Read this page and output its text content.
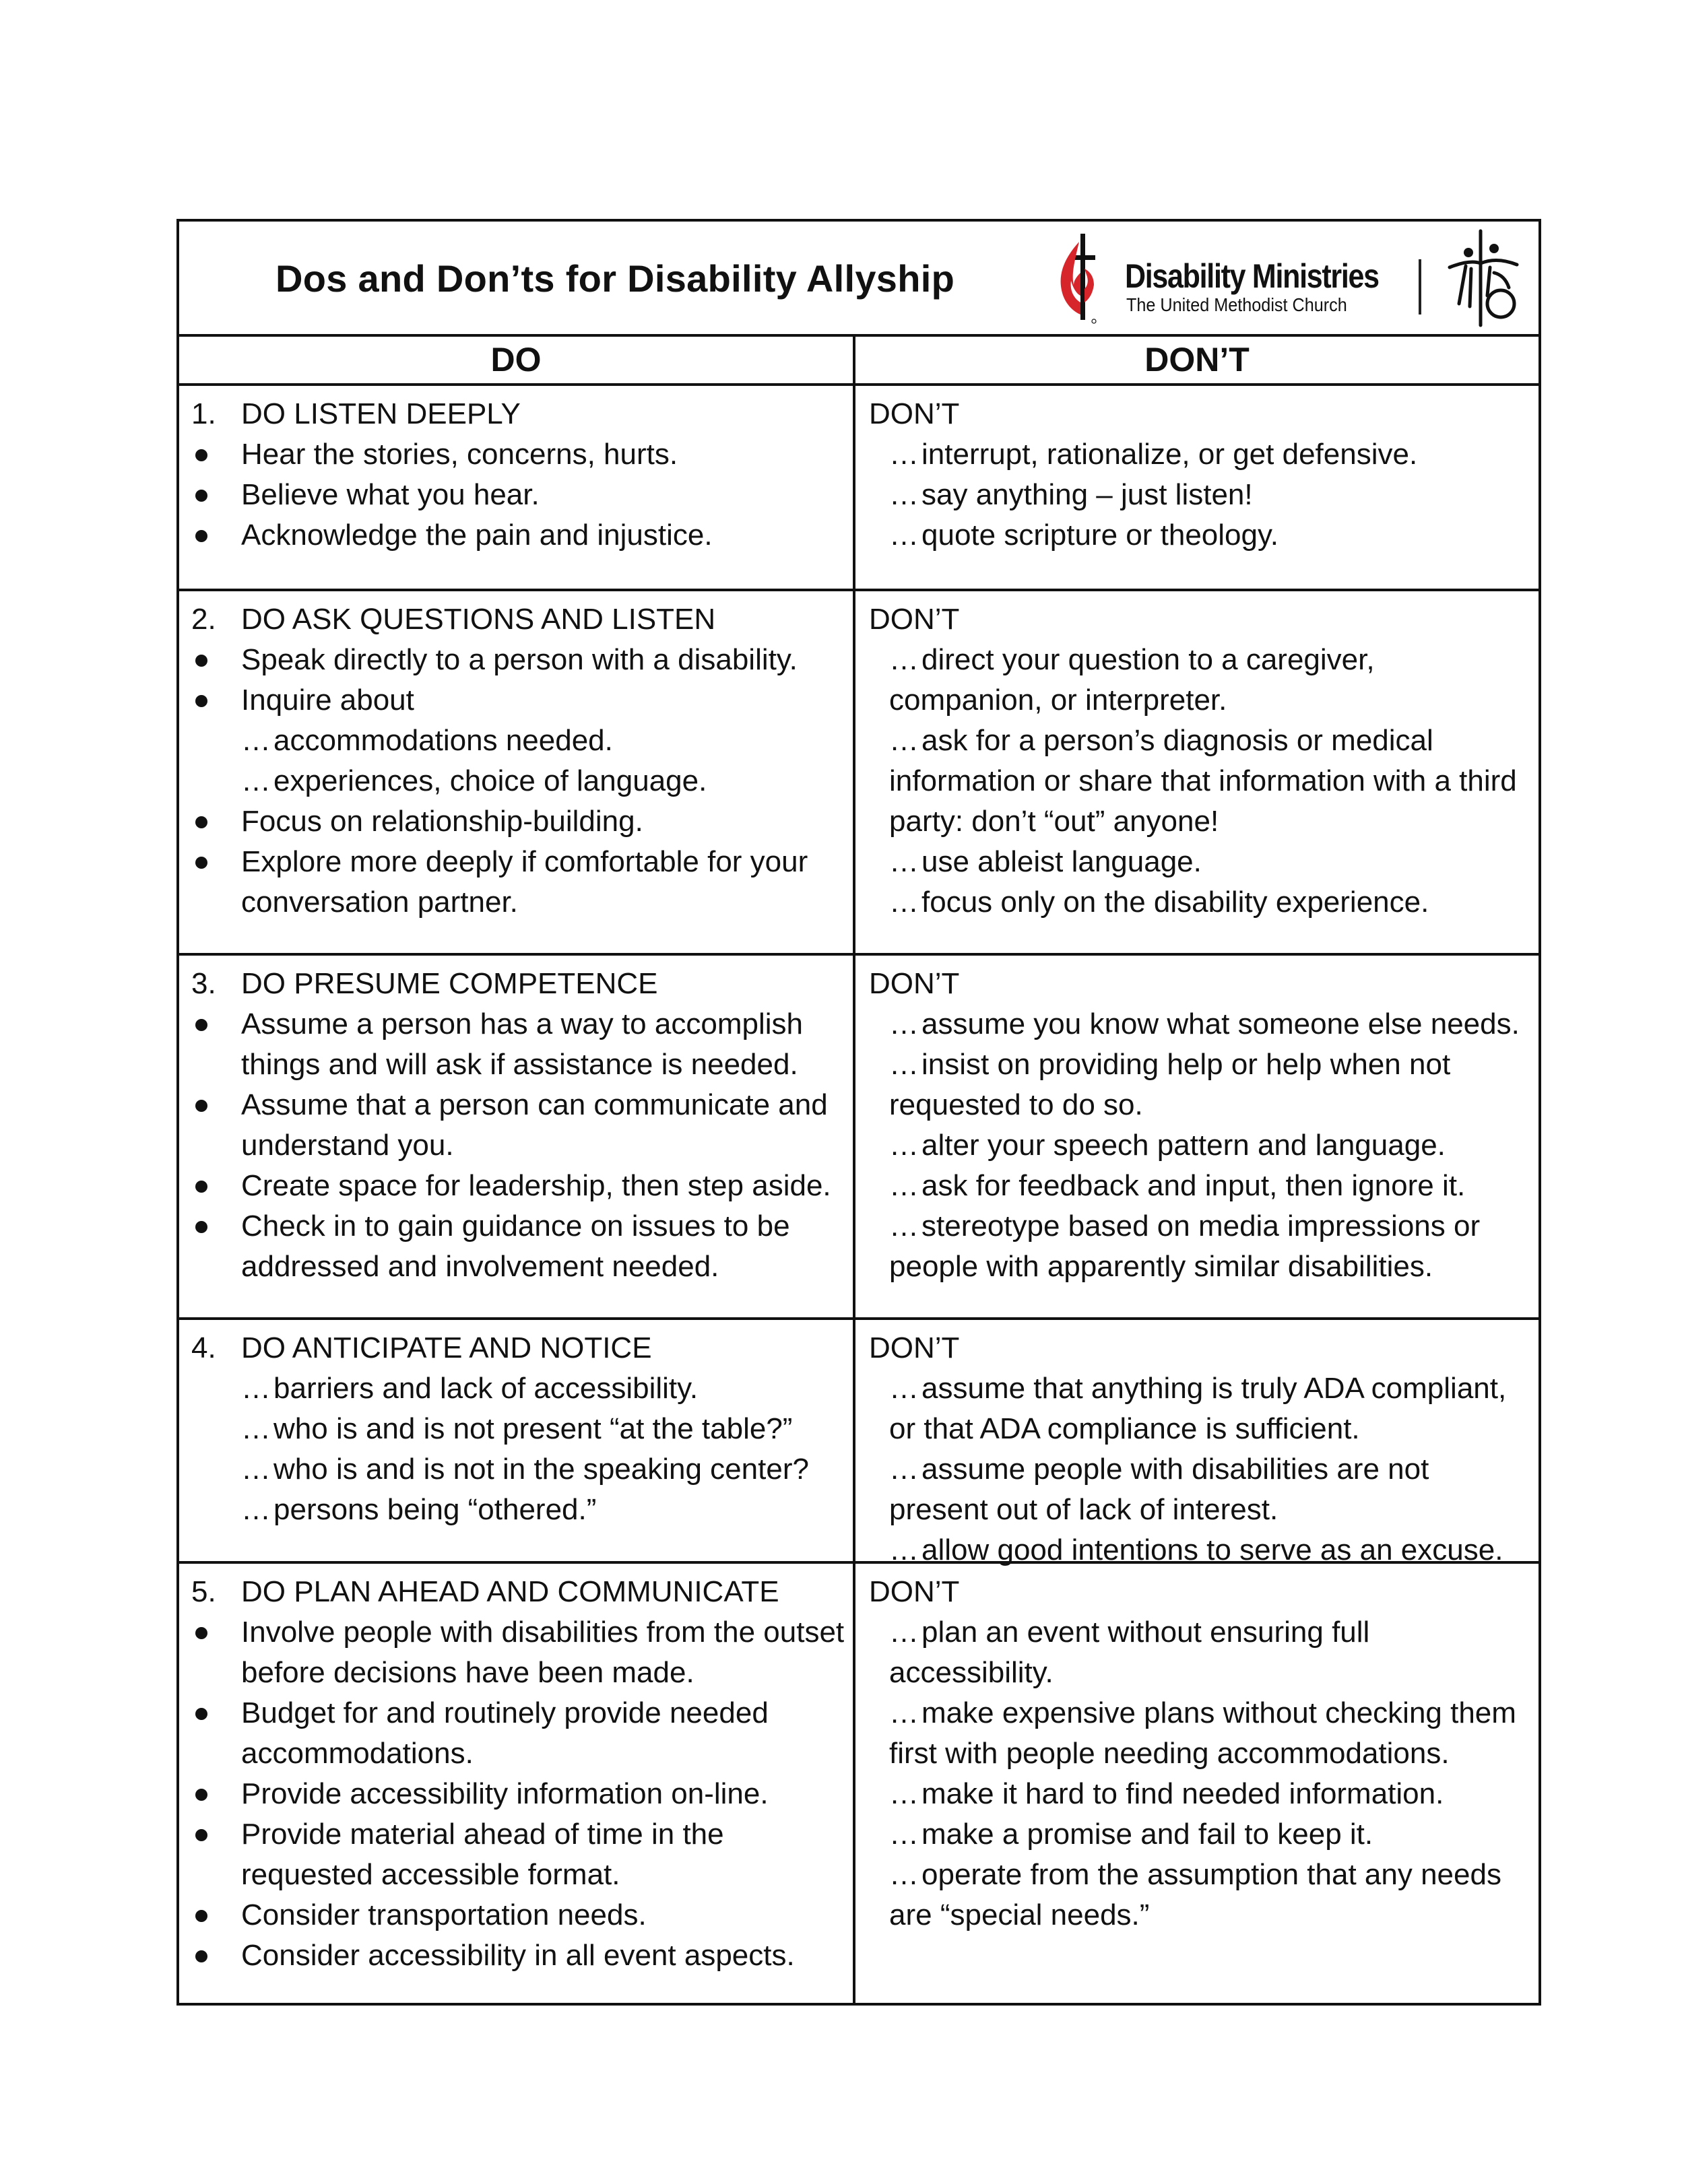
Dos and Don’ts for Disability Allyship	Disability Ministries
The United Methodist Church
DO	DON’T
1. DO LISTEN DEEPLY
Hear the stories, concerns, hurts.
Believe what you hear.
Acknowledge the pain and injustice.
DON’T
…interrupt, rationalize, or get defensive.
…say anything – just listen!
…quote scripture or theology.
2. DO ASK QUESTIONS AND LISTEN
Speak directly to a person with a disability.
Inquire about
…accommodations needed.
…experiences, choice of language.
Focus on relationship-building.
Explore more deeply if comfortable for your conversation partner.
DON’T
…direct your question to a caregiver, companion, or interpreter.
…ask for a person’s diagnosis or medical information or share that information with a third party: don’t “out” anyone!
…use ableist language.
…focus only on the disability experience.
3. DO PRESUME COMPETENCE
Assume a person has a way to accomplish things and will ask if assistance is needed.
Assume that a person can communicate and understand you.
Create space for leadership, then step aside.
Check in to gain guidance on issues to be addressed and involvement needed.
DON’T
…assume you know what someone else needs.
…insist on providing help or help when not requested to do so.
…alter your speech pattern and language.
…ask for feedback and input, then ignore it.
…stereotype based on media impressions or people with apparently similar disabilities.
4. DO ANTICIPATE AND NOTICE
…barriers and lack of accessibility.
…who is and is not present “at the table?”
…who is and is not in the speaking center?
…persons being “othered.”
DON’T
…assume that anything is truly ADA compliant, or that ADA compliance is sufficient.
…assume people with disabilities are not present out of lack of interest.
…allow good intentions to serve as an excuse.
5. DO PLAN AHEAD AND COMMUNICATE
Involve people with disabilities from the outset before decisions have been made.
Budget for and routinely provide needed accommodations.
Provide accessibility information on-line.
Provide material ahead of time in the requested accessible format.
Consider transportation needs.
Consider accessibility in all event aspects.
DON’T
…plan an event without ensuring full accessibility.
…make expensive plans without checking them first with people needing accommodations.
…make it hard to find needed information.
…make a promise and fail to keep it.
…operate from the assumption that any needs are “special needs.”
